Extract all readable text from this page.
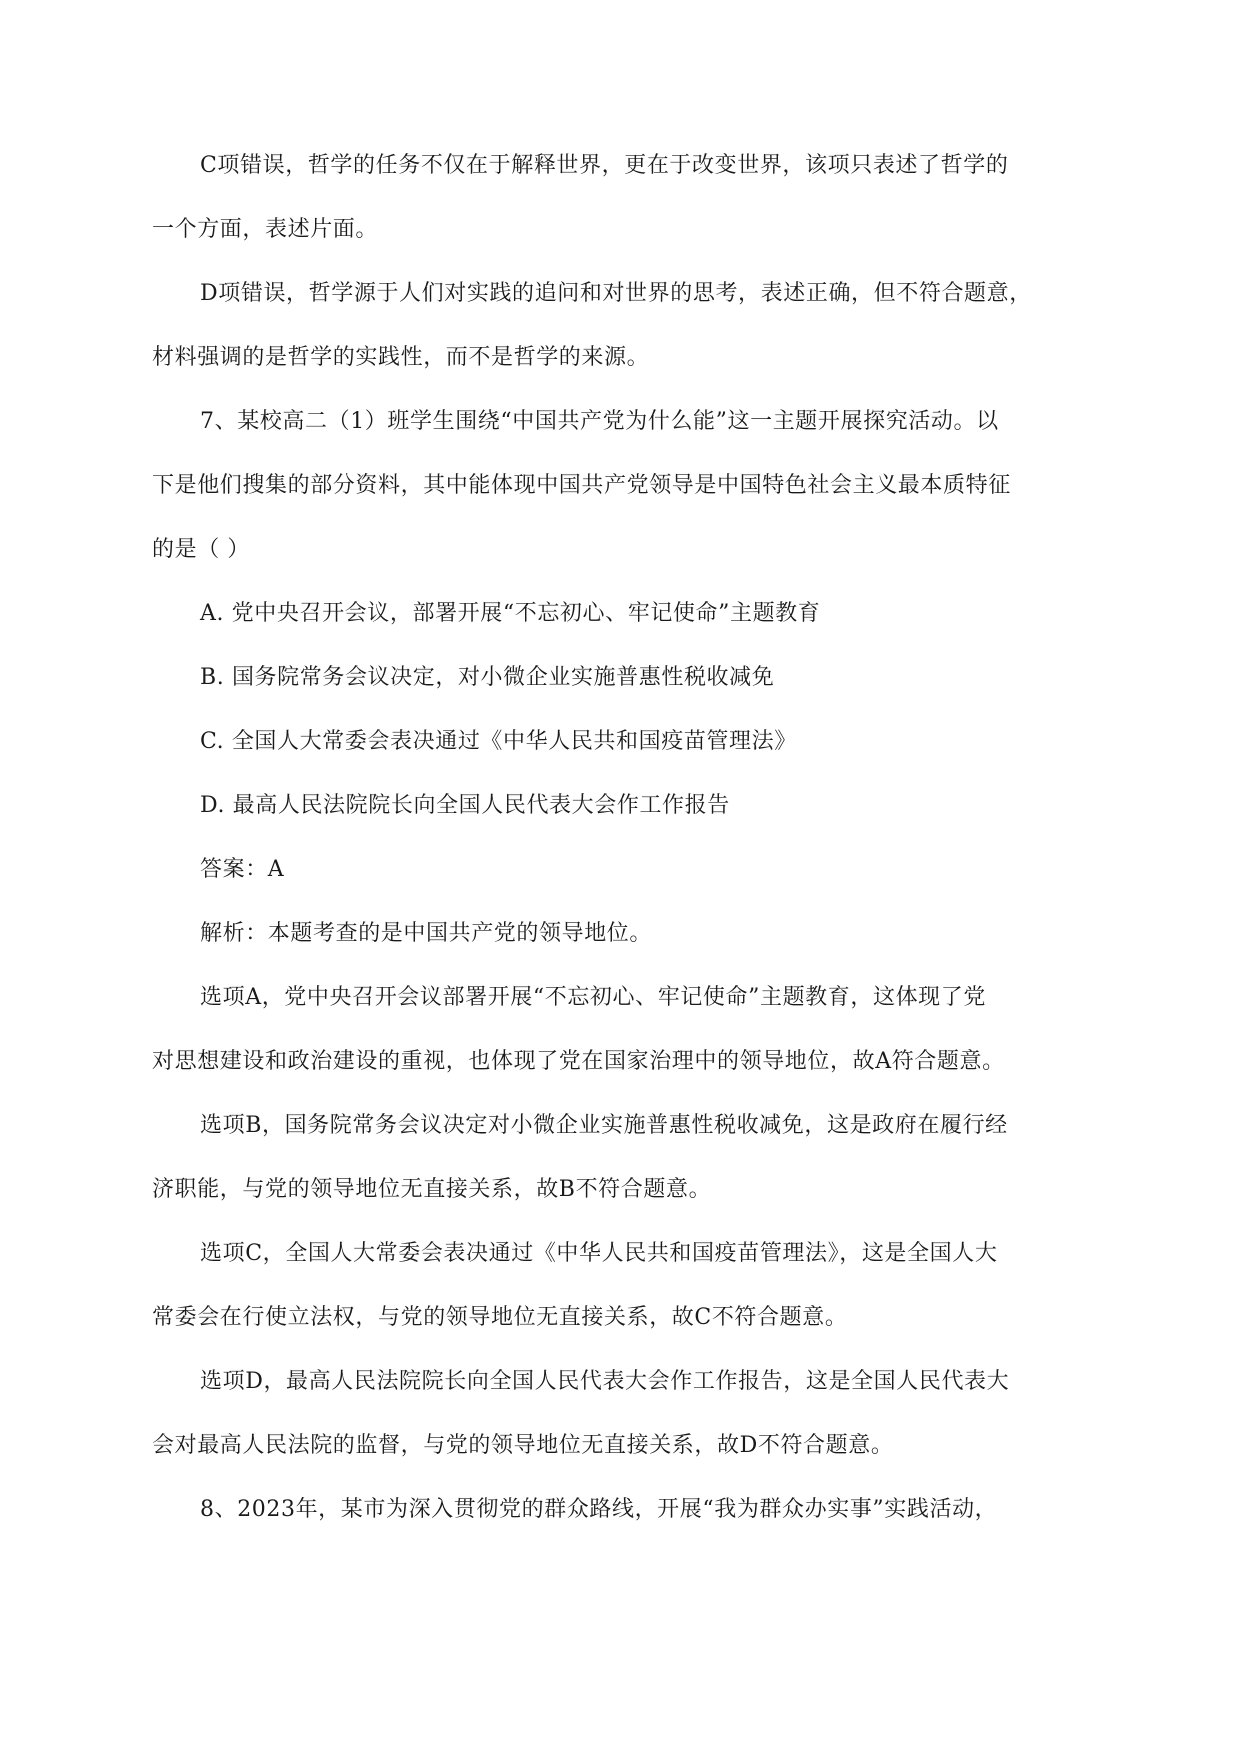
C项错误，哲学的任务不仅在于解释世界，更在于改变世界，该项只表述了哲学的
一个方面，表述片面。
D项错误，哲学源于人们对实践的追问和对世界的思考，表述正确，但不符合题意，
材料强调的是哲学的实践性，而不是哲学的来源。
7、某校高二（1）班学生围绕“中国共产党为什么能”这一主题开展探究活动。以
下是他们搜集的部分资料，其中能体现中国共产党领导是中国特色社会主义最本质特征
的是（ ）
A. 党中央召开会议，部署开展“不忘初心、牢记使命”主题教育
B. 国务院常务会议决定，对小微企业实施普惠性税收减免
C. 全国人大常委会表决通过《中华人民共和国疫苗管理法》
D. 最高人民法院院长向全国人民代表大会作工作报告
答案：A
解析：本题考查的是中国共产党的领导地位。
选项A，党中央召开会议部署开展“不忘初心、牢记使命”主题教育，这体现了党
对思想建设和政治建设的重视，也体现了党在国家治理中的领导地位，故A符合题意。
选项B，国务院常务会议决定对小微企业实施普惠性税收减免，这是政府在履行经
济职能，与党的领导地位无直接关系，故B不符合题意。
选项C，全国人大常委会表决通过《中华人民共和国疫苗管理法》，这是全国人大
常委会在行使立法权，与党的领导地位无直接关系，故C不符合题意。
选项D，最高人民法院院长向全国人民代表大会作工作报告，这是全国人民代表大
会对最高人民法院的监督，与党的领导地位无直接关系，故D不符合题意。
8、2023年，某市为深入贯彻党的群众路线，开展“我为群众办实事”实践活动，
